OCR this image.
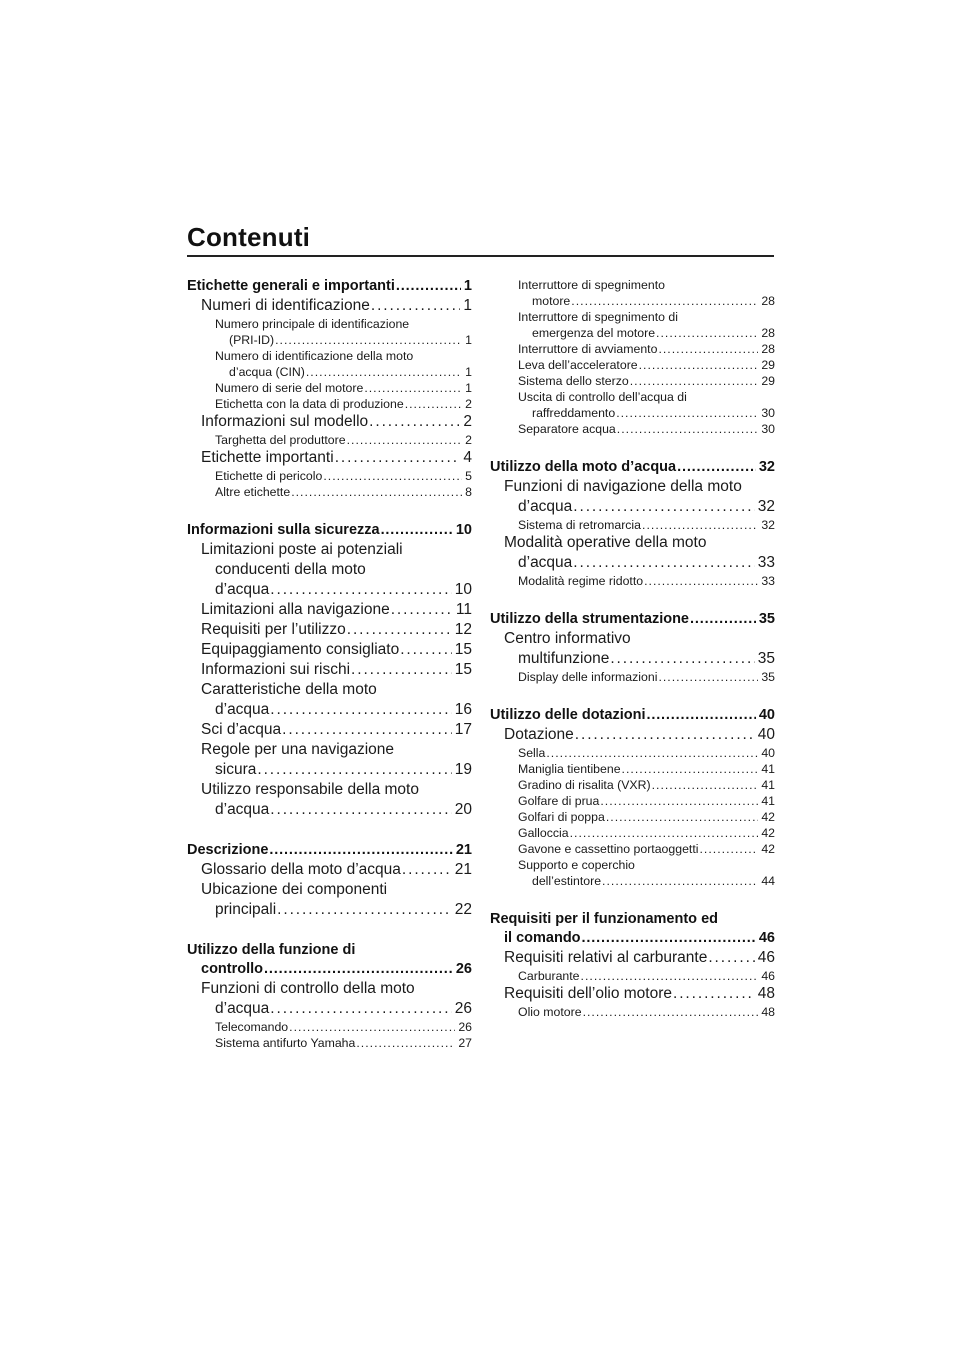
Contenuti
Etichette generali e importanti . . .	1
Numeri di identificazione . . .	1
Numero principale di identificazione
(PRI-ID) . . .	1
Numero di identificazione della moto
d’acqua (CIN) . . .	1
Numero di serie del motore . . .	1
Etichetta con la data di produzione . . .	2
Informazioni sul modello . . .	2
Targhetta del produttore . . .	2
Etichette importanti . . .	4
Etichette di pericolo . . .	5
Altre etichette . . .	8
Informazioni sulla sicurezza . . .	10
Limitazioni poste ai potenziali
conducenti della moto
d’acqua . . .	10
Limitazioni alla navigazione . . .	11
Requisiti per l’utilizzo . . .	12
Equipaggiamento consigliato . . .	15
Informazioni sui rischi . . .	15
Caratteristiche della moto
d’acqua . . .	16
Sci d’acqua . . .	17
Regole per una navigazione
sicura . . .	19
Utilizzo responsabile della moto
d’acqua . . .	20
Descrizione . . .	21
Glossario della moto d’acqua . . .	21
Ubicazione dei componenti
principali . . .	22
Utilizzo della funzione di
controllo . . .	26
Funzioni di controllo della moto
d’acqua . . .	26
Telecomando . . .	26
Sistema antifurto Yamaha . . .	27
Interruttore di spegnimento
motore . . .	28
Interruttore di spegnimento di
emergenza del motore . . .	28
Interruttore di avviamento . . .	28
Leva dell’acceleratore . . .	29
Sistema dello sterzo . . .	29
Uscita di controllo dell’acqua di
raffreddamento . . .	30
Separatore acqua . . .	30
Utilizzo della moto d’acqua . . .	32
Funzioni di navigazione della moto
d’acqua . . .	32
Sistema di retromarcia . . .	32
Modalità operative della moto
d’acqua . . .	33
Modalità regime ridotto . . .	33
Utilizzo della strumentazione . . .	35
Centro informativo
multifunzione . . .	35
Display delle informazioni . . .	35
Utilizzo delle dotazioni . . .	40
Dotazione . . .	40
Sella . . .	40
Maniglia tientibene . . .	41
Gradino di risalita (VXR) . . .	41
Golfare di prua . . .	41
Golfari di poppa . . .	42
Galloccia . . .	42
Gavone e cassettino portaoggetti . . .	42
Supporto e coperchio
dell’estintore . . .	44
Requisiti per il funzionamento ed
il comando . . .	46
Requisiti relativi al carburante . . .	46
Carburante . . .	46
Requisiti dell’olio motore . . .	48
Olio motore . . .	48
